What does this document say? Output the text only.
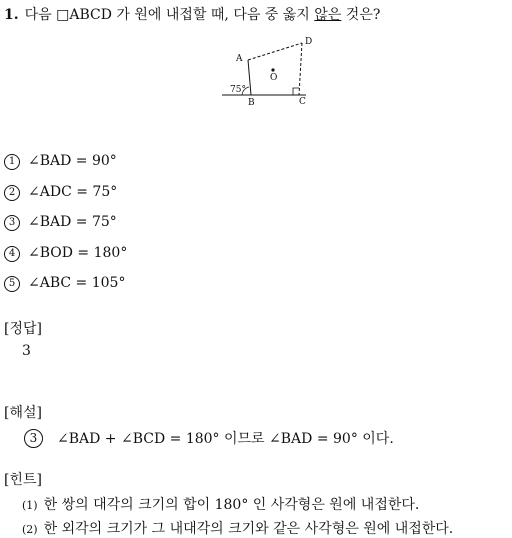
1. 다음 □ABCD 가 원에 내접할 때, 다음 중 옳지 않은 것은?
A
D
O
75°
B	C
1 ∠BAD = 90°
2 ∠ADC = 75°
3 ∠BAD = 75°
4 ∠BOD = 180°
5 ∠ABC = 105°
[정답]
3
[해설]
3 ∠BAD + ∠BCD = 180° 이므로 ∠BAD = 90° 이다.
[힌트]
(1) 한 쌍의 대각의 크기의 합이 180° 인 사각형은 원에 내접한다.
(2) 한 외각의 크기가 그 내대각의 크기와 같은 사각형은 원에 내접한다.
